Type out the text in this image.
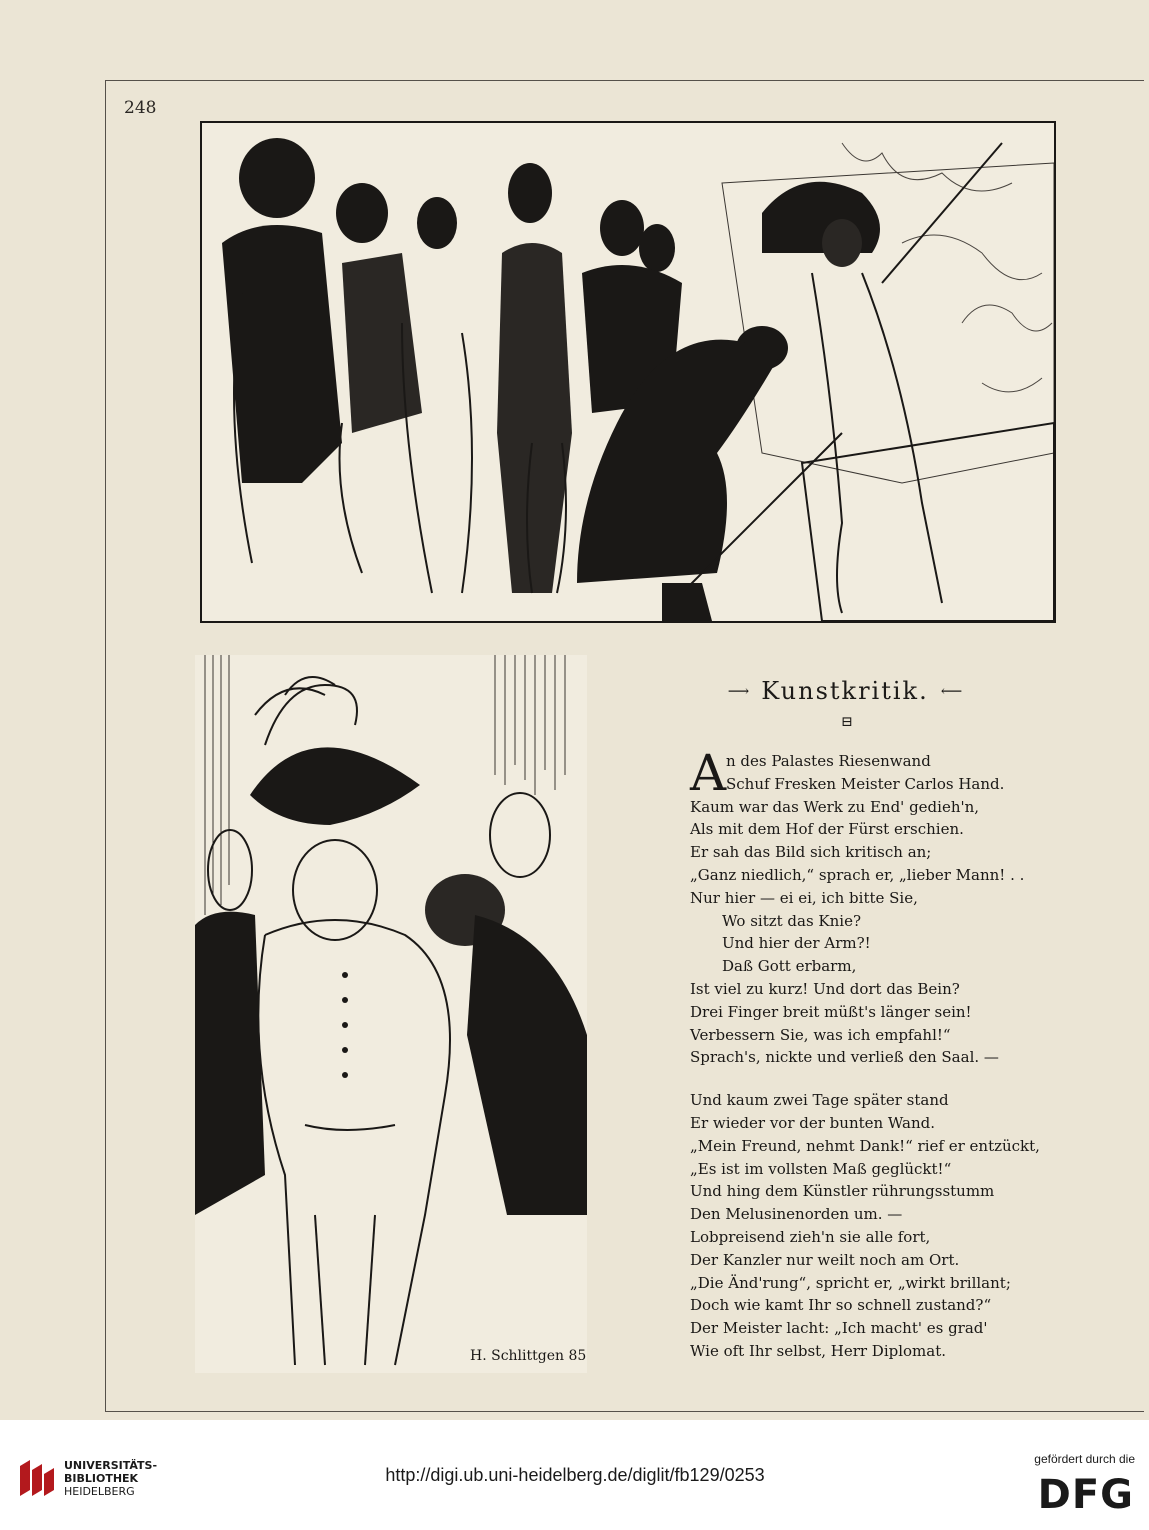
248
H. Schlittgen 85
⟶ Kunstkritik. ⟵
⊟
A n des Palastes Riesenwand
Schuf Fresken Meister Carlos Hand.
Kaum war das Werk zu End' gedieh'n,
Als mit dem Hof der Fürst erschien.
Er sah das Bild sich kritisch an;
„Ganz niedlich,“ sprach er, „lieber Mann! . .
Nur hier — ei ei, ich bitte Sie,
Wo sitzt das Knie?
Und hier der Arm?!
Daß Gott erbarm,
Ist viel zu kurz! Und dort das Bein?
Drei Finger breit müßt's länger sein!
Verbessern Sie, was ich empfahl!“
Sprach's, nickte und verließ den Saal. —
Und kaum zwei Tage später stand
Er wieder vor der bunten Wand.
„Mein Freund, nehmt Dank!“ rief er entzückt,
„Es ist im vollsten Maß geglückt!“
Und hing dem Künstler rührungsstumm
Den Melusinenorden um. —
Lobpreisend zieh'n sie alle fort,
Der Kanzler nur weilt noch am Ort.
„Die Änd'rung“, spricht er, „wirkt brillant;
Doch wie kamt Ihr so schnell zustand?“
Der Meister lacht: „Ich macht' es grad'
Wie oft Ihr selbst, Herr Diplomat.
UNIVERSITÄTS-
BIBLIOTHEK
HEIDELBERG
http://digi.ub.uni-heidelberg.de/diglit/fb129/0253
gefördert durch die
DFG
